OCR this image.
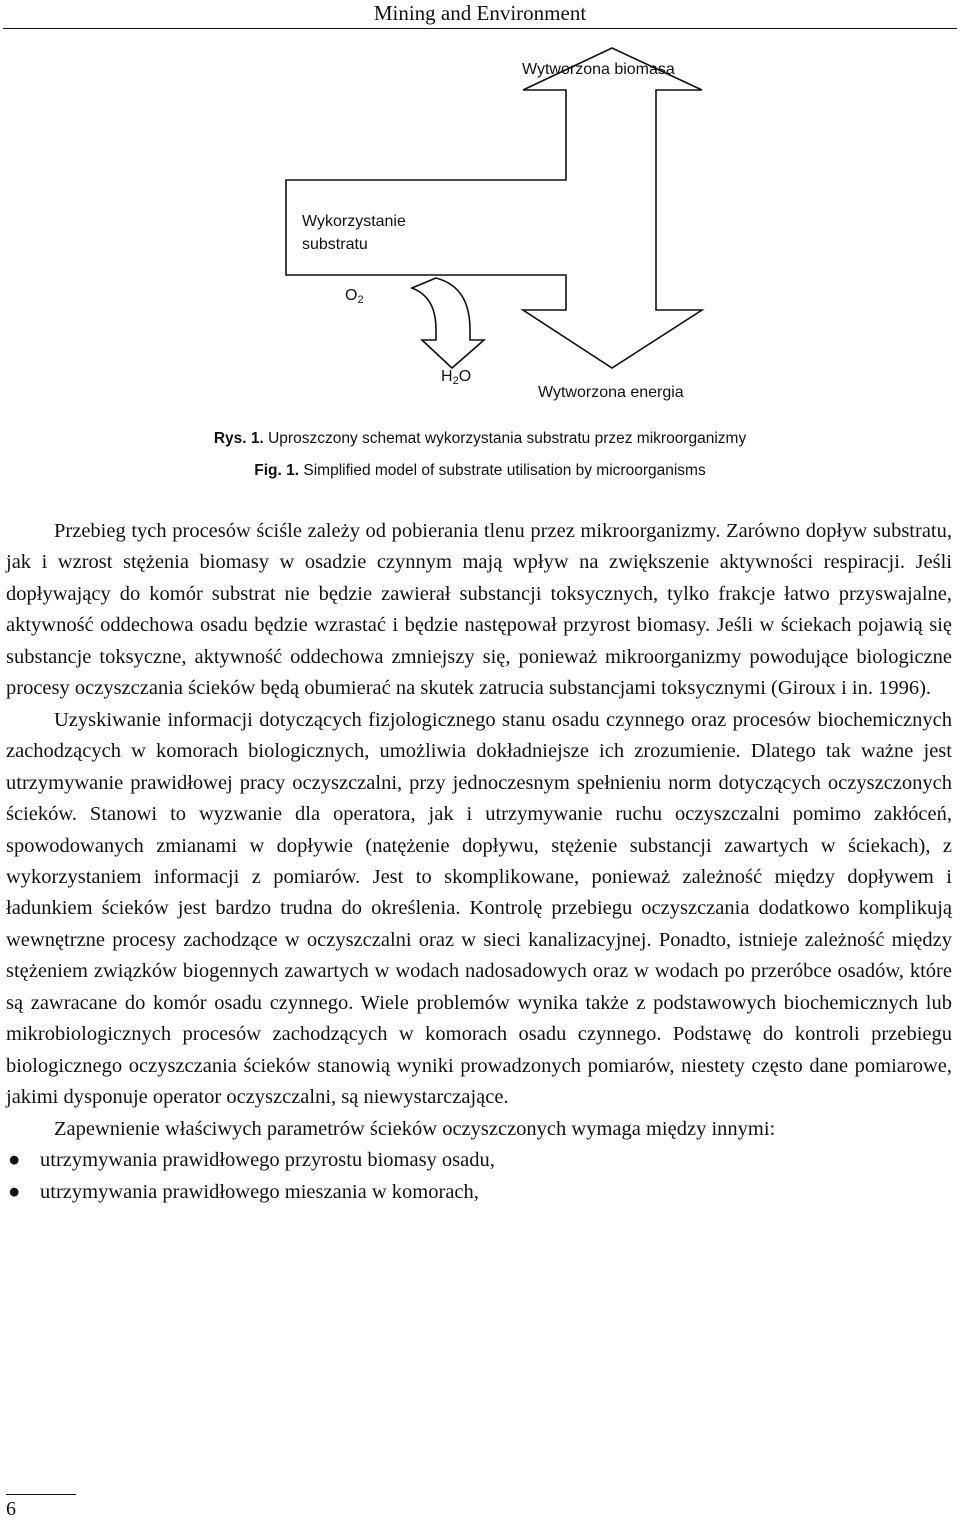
Mining and Environment
Wytworzona biomasa
Wykorzystanie
substratu
O2
H2O
Wytworzona energia
Rys. 1. Uproszczony schemat wykorzystania substratu przez mikroorganizmy
Fig. 1. Simplified model of substrate utilisation by microorganisms

Przebieg tych procesów ściśle zależy od pobierania tlenu przez mikroorganizmy. Zarówno dopływ substratu, jak i wzrost stężenia biomasy w osadzie czynnym mają wpływ na zwiększenie aktywności respiracji. Jeśli dopływający do komór substrat nie będzie zawierał substancji toksycznych, tylko frakcje łatwo przyswajalne, aktywność oddechowa osadu będzie wzrastać i będzie następował przyrost biomasy. Jeśli w ściekach pojawią się substancje toksyczne, aktywność oddechowa zmniejszy się, ponieważ mikroorganizmy powodujące biologiczne procesy oczyszczania ścieków będą obumierać na skutek zatrucia substancjami toksycznymi (Giroux i in. 1996).

Uzyskiwanie informacji dotyczących fizjologicznego stanu osadu czynnego oraz procesów biochemicznych zachodzących w komorach biologicznych, umożliwia dokładniejsze ich zrozumienie. Dlatego tak ważne jest utrzymywanie prawidłowej pracy oczyszczalni, przy jednoczesnym spełnieniu norm dotyczących oczyszczonych ścieków. Stanowi to wyzwanie dla operatora, jak i utrzymywanie ruchu oczyszczalni pomimo zakłóceń, spowodowanych zmianami w dopływie (natężenie dopływu, stężenie substancji zawartych w ściekach), z wykorzystaniem informacji z pomiarów. Jest to skomplikowane, ponieważ zależność między dopływem i ładunkiem ścieków jest bardzo trudna do określenia. Kontrolę przebiegu oczyszczania dodatkowo komplikują wewnętrzne procesy zachodzące w oczyszczalni oraz w sieci kanalizacyjnej. Ponadto, istnieje zależność między stężeniem związków biogennych zawartych w wodach nadosadowych oraz w wodach po przeróbce osadów, które są zawracane do komór osadu czynnego. Wiele problemów wynika także z podstawowych biochemicznych lub mikrobiologicznych procesów zachodzących w komorach osadu czynnego. Podstawę do kontroli przebiegu biologicznego oczyszczania ścieków stanowią wyniki prowadzonych pomiarów, niestety często dane pomiarowe, jakimi dysponuje operator oczyszczalni, są niewystarczające.

Zapewnienie właściwych parametrów ścieków oczyszczonych wymaga między innymi:

● utrzymywania prawidłowego przyrostu biomasy osadu,
● utrzymywania prawidłowego mieszania w komorach,
6
